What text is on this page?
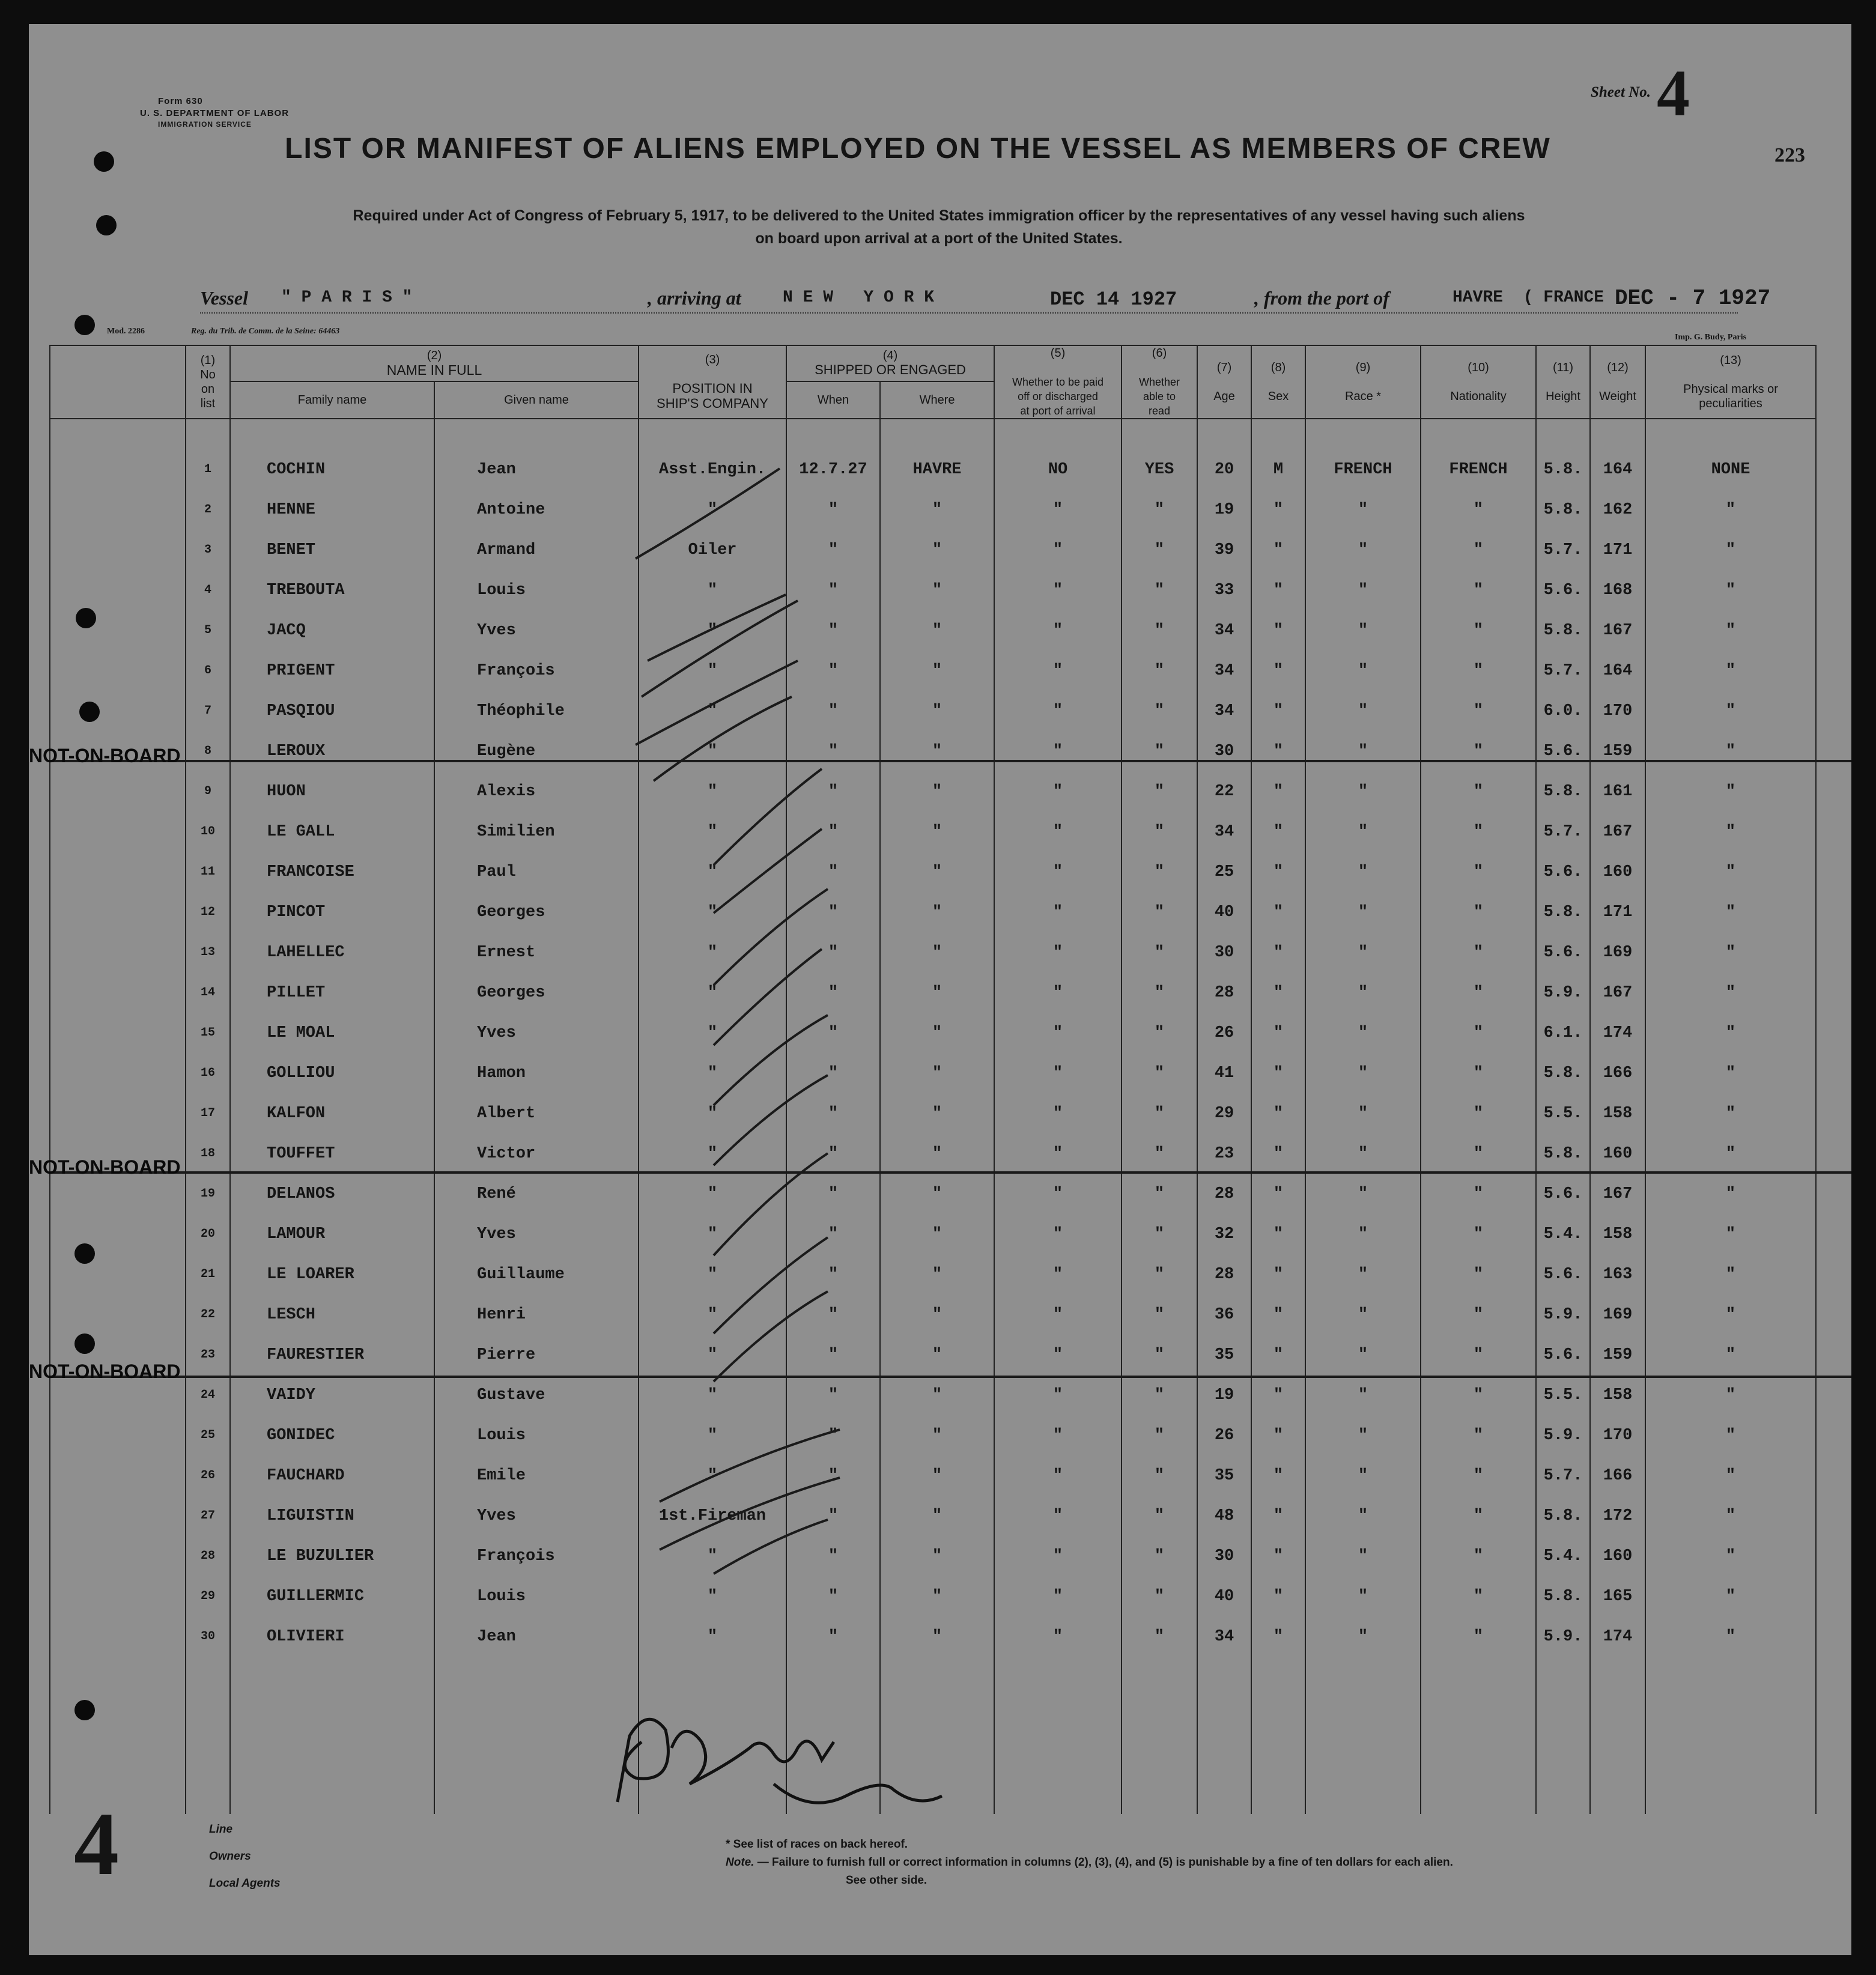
Form 630
U. S. DEPARTMENT OF LABOR
IMMIGRATION SERVICE
Sheet No. 4
223
LIST OR MANIFEST OF ALIENS EMPLOYED ON THE VESSEL AS MEMBERS OF CREW
Required under Act of Congress of February 5, 1917, to be delivered to the United States immigration officer by the representatives of any vessel having such aliens
on board upon arrival at a port of the United States.
Vessel " P A R I S "	, arriving at N E W   Y O R K	DEC 14 1927	, from the port of	HAVRE  ( FRANCE DEC - 7 1927
Mod. 2286	Reg. du Trib. de Comm. de la Seine: 64463
Imp. G. Budy, Paris
	(1)
No
on
list	(2)
NAME IN FULL		(3)

POSITION IN
SHIP'S COMPANY	(4)
SHIPPED OR ENGAGED		(5)

Whether to be paid
off or discharged
at port of arrival	(6)

Whether
able to
read	(7)

Age	(8)

Sex	(9)

Race *	(10)

Nationality	(11)

Height	(12)

Weight	(13)

Physical marks or
peculiarities
		Family name	Given name		When	Where									

	1	COCHIN	Jean	Asst.Engin.	12.7.27	HAVRE	NO	YES	20	M	FRENCH	FRENCH	5.8.	164	NONE
	2	HENNE	Antoine	"	"	"	"	"	19	"	"	"	5.8.	162	"
	3	BENET	Armand	Oiler	"	"	"	"	39	"	"	"	5.7.	171	"
	4	TREBOUTA	Louis	"	"	"	"	"	33	"	"	"	5.6.	168	"
	5	JACQ	Yves	"	"	"	"	"	34	"	"	"	5.8.	167	"
	6	PRIGENT	François	"	"	"	"	"	34	"	"	"	5.7.	164	"
	7	PASQIOU	Théophile	"	"	"	"	"	34	"	"	"	6.0.	170	"
	8	LEROUX	Eugène	"	"	"	"	"	30	"	"	"	5.6.	159	"
	9	HUON	Alexis	"	"	"	"	"	22	"	"	"	5.8.	161	"
	10	LE GALL	Similien	"	"	"	"	"	34	"	"	"	5.7.	167	"
	11	FRANCOISE	Paul	"	"	"	"	"	25	"	"	"	5.6.	160	"
	12	PINCOT	Georges	"	"	"	"	"	40	"	"	"	5.8.	171	"
	13	LAHELLEC	Ernest	"	"	"	"	"	30	"	"	"	5.6.	169	"
	14	PILLET	Georges	"	"	"	"	"	28	"	"	"	5.9.	167	"
	15	LE MOAL	Yves	"	"	"	"	"	26	"	"	"	6.1.	174	"
	16	GOLLIOU	Hamon	"	"	"	"	"	41	"	"	"	5.8.	166	"
	17	KALFON	Albert	"	"	"	"	"	29	"	"	"	5.5.	158	"
	18	TOUFFET	Victor	"	"	"	"	"	23	"	"	"	5.8.	160	"
	19	DELANOS	René	"	"	"	"	"	28	"	"	"	5.6.	167	"
	20	LAMOUR	Yves	"	"	"	"	"	32	"	"	"	5.4.	158	"
	21	LE LOARER	Guillaume	"	"	"	"	"	28	"	"	"	5.6.	163	"
	22	LESCH	Henri	"	"	"	"	"	36	"	"	"	5.9.	169	"
	23	FAURESTIER	Pierre	"	"	"	"	"	35	"	"	"	5.6.	159	"
	24	VAIDY	Gustave	"	"	"	"	"	19	"	"	"	5.5.	158	"
	25	GONIDEC	Louis	"	"	"	"	"	26	"	"	"	5.9.	170	"
	26	FAUCHARD	Emile	"	"	"	"	"	35	"	"	"	5.7.	166	"
	27	LIGUISTIN	Yves	1st.Fireman	"	"	"	"	48	"	"	"	5.8.	172	"
	28	LE BUZULIER	François	"	"	"	"	"	30	"	"	"	5.4.	160	"
	29	GUILLERMIC	Louis	"	"	"	"	"	40	"	"	"	5.8.	165	"
	30	OLIVIERI	Jean	"	"	"	"	"	34	"	"	"	5.9.	174	"

NOT-ON-BOARD
NOT-ON-BOARD
NOT-ON-BOARD
4	Line
Owners
Local Agents
* See list of races on back hereof.
Note. — Failure to furnish full or correct information in columns (2), (3), (4), and (5) is punishable by a fine of ten dollars for each alien.
See other side.
